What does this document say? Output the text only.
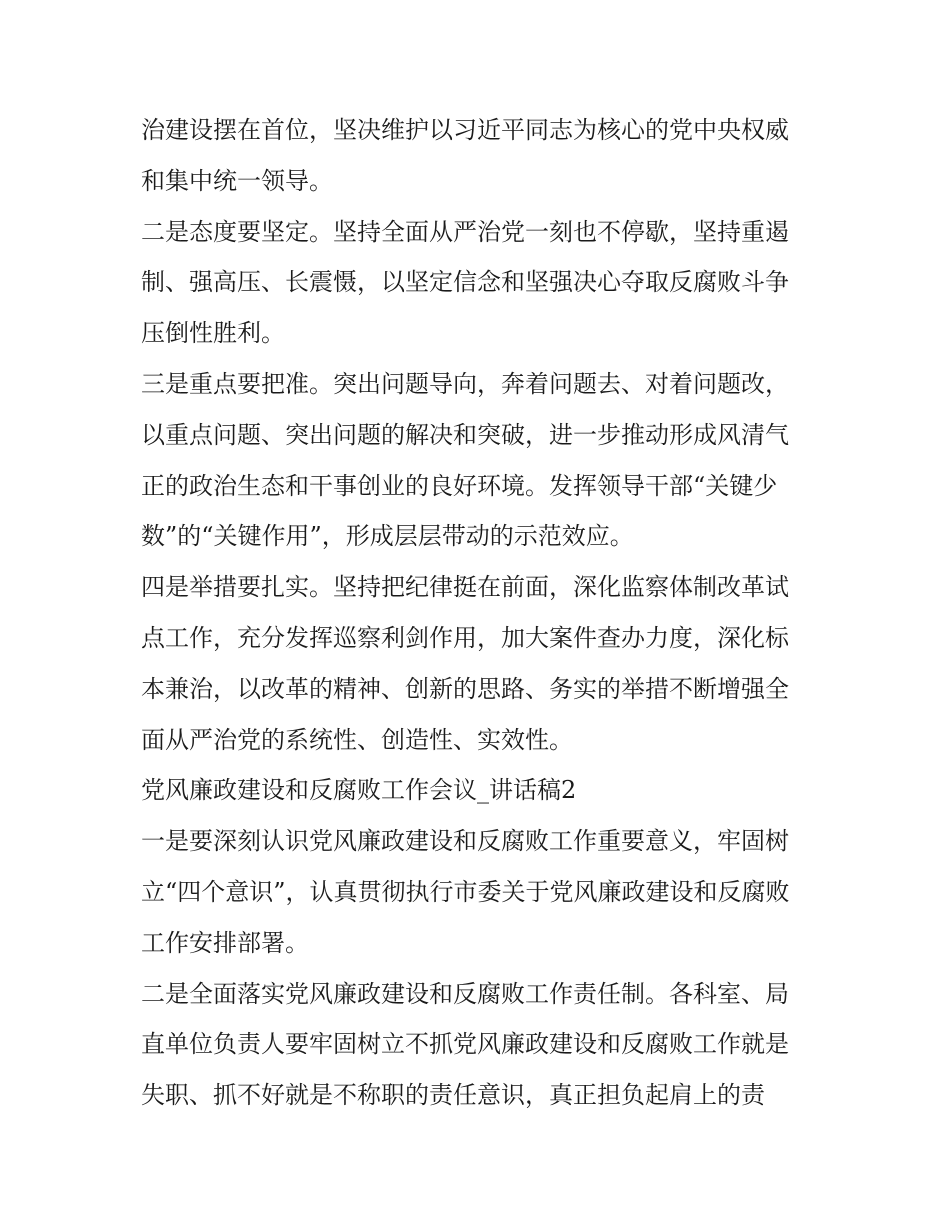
治建设摆在首位，坚决维护以习近平同志为核心的党中央权威
和集中统一领导。
二是态度要坚定。坚持全面从严治党一刻也不停歇，坚持重遏
制、强高压、长震慑，以坚定信念和坚强决心夺取反腐败斗争
压倒性胜利。
三是重点要把准。突出问题导向，奔着问题去、对着问题改，
以重点问题、突出问题的解决和突破，进一步推动形成风清气
正的政治生态和干事创业的良好环境。发挥领导干部“关键少
数”的“关键作用”，形成层层带动的示范效应。
四是举措要扎实。坚持把纪律挺在前面，深化监察体制改革试
点工作，充分发挥巡察利剑作用，加大案件查办力度，深化标
本兼治，以改革的精神、创新的思路、务实的举措不断增强全
面从严治党的系统性、创造性、实效性。
党风廉政建设和反腐败工作会议_讲话稿2
一是要深刻认识党风廉政建设和反腐败工作重要意义，牢固树
立“四个意识”，认真贯彻执行市委关于党风廉政建设和反腐败
工作安排部署。
二是全面落实党风廉政建设和反腐败工作责任制。各科室、局
直单位负责人要牢固树立不抓党风廉政建设和反腐败工作就是
失职、抓不好就是不称职的责任意识，真正担负起肩上的责
